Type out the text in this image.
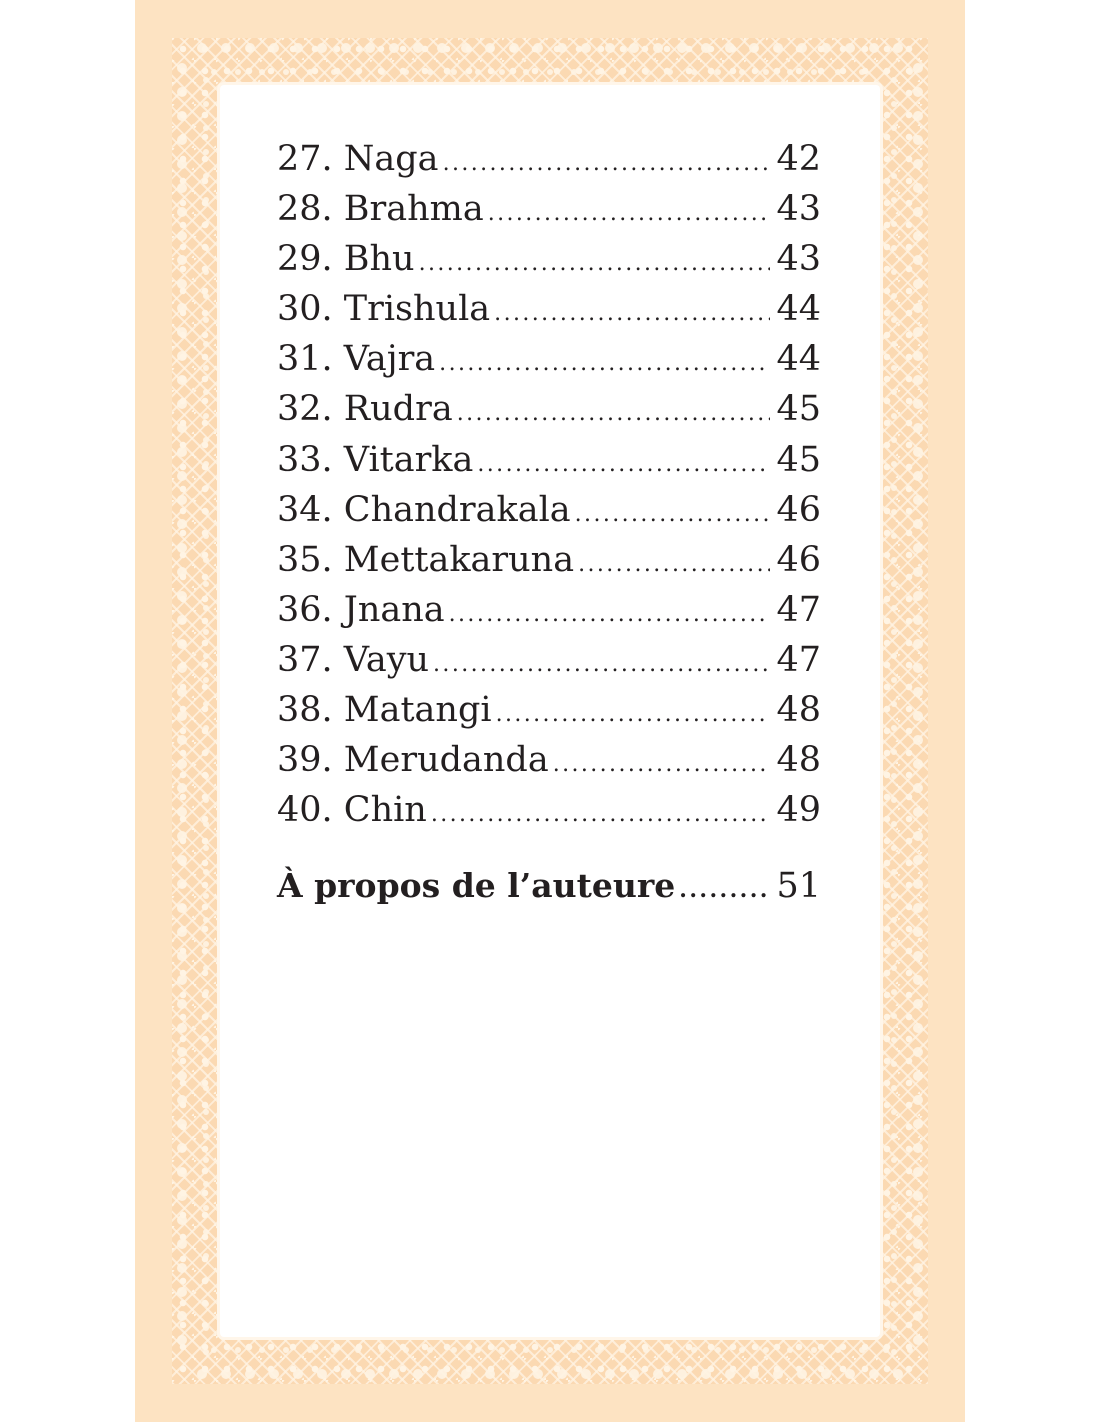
27. Naga .....	42
28. Brahma .....	43
29. Bhu .....	43
30. Trishula .....	44
31. Vajra .....	44
32. Rudra .....	45
33. Vitarka .....	45
34. Chandrakala .....	46
35. Mettakaruna .....	46
36. Jnana .....	47
37. Vayu .....	47
38. Matangi .....	48
39. Merudanda .....	48
40. Chin .....	49
À propos de l’auteure .....	51
